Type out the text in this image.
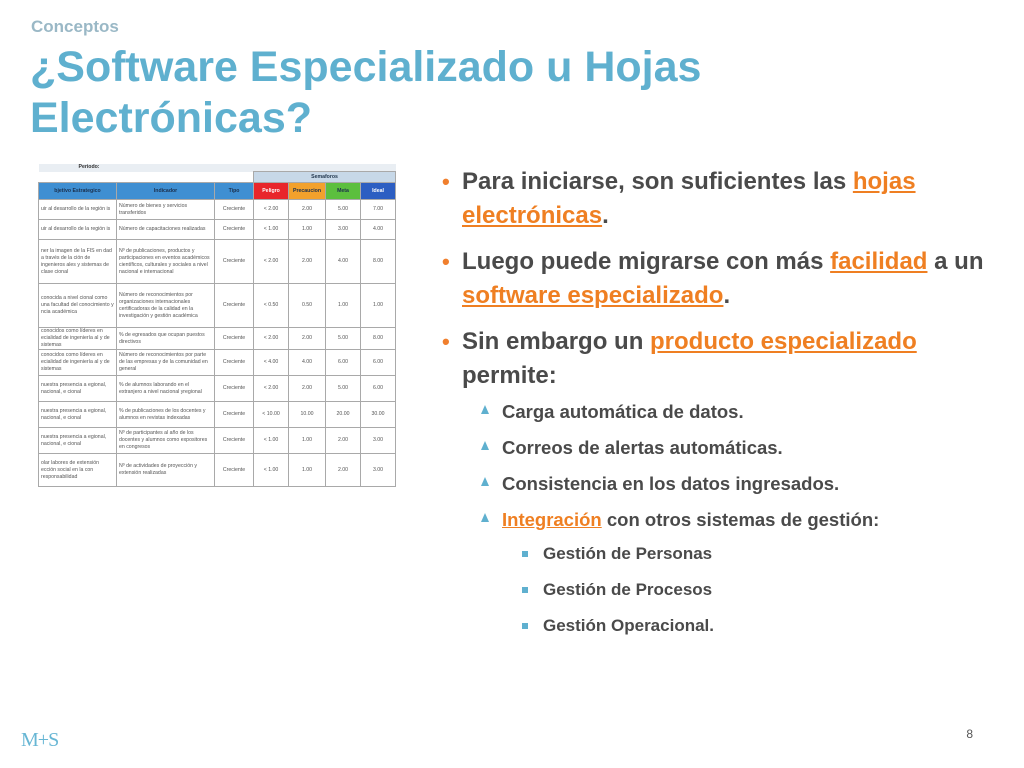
Conceptos
¿Software Especializado u Hojas Electrónicas?
Periodo:						
			Semaforos			
bjetivo Estrategico	Indicador	Tipo	Peligro	Precaucion	Meta	Ideal
uir al desarrollo de la región is	Número de bienes y servicios transferidos	Creciente	< 2.00	2.00	5.00	7.00
uir al desarrollo de la región is	Número de capacitaciones realizadas	Creciente	< 1.00	1.00	3.00	4.00
ner la imagen de la FIS en dad a través de la ción de ingenieros ales y sistemas de clase cional	Nº de publicaciones, productos y participaciones en eventos académicos científicos, culturales y sociales a nivel nacional e internacional	Creciente	< 2.00	2.00	4.00	8.00
conocida a nivel cional como una facultad del conocimiento y ncia académica	Número de reconocimientos por organizaciones internacionales certificadoras de la calidad en la investigación y gestión académica	Creciente	< 0.50	0.50	1.00	1.00
conocidos como líderes en ecialidad de ingeniería al y de sistemas	% de egresados que ocupan puestos directivos	Creciente	< 2.00	2.00	5.00	8.00
conocidos como líderes en ecialidad de ingeniería al y de sistemas	Número de reconocimientos por parte de las empresas y de la comunidad en general	Creciente	< 4.00	4.00	6.00	6.00
nuestra presencia a egional, nacional, e cional	% de alumnos laborando en el extranjero a nivel nacional yregional	Creciente	< 2.00	2.00	5.00	6.00
nuestra presencia a egional, nacional, e cional	% de publicaciones de los docentes y alumnos en revistas indexadas	Creciente	< 10.00	10.00	20.00	30.00
nuestra presencia a egional, nacional, e cional	Nº de participantes al año de los docentes y alumnos como expositores en congresos	Creciente	< 1.00	1.00	2.00	3.00
olar labores de extensión ección social en la con responsabilidad	Nº de actividades de proyección y extensión realizadas	Creciente	< 1.00	1.00	2.00	3.00
• Para iniciarse, son suficientes las hojas electrónicas.
• Luego puede migrarse con más facilidad a un software especializado.
• Sin embargo un producto especializado permite:
Carga automática de datos.
Correos de alertas automáticas.
Consistencia en los datos ingresados.
Integración con otros sistemas de gestión:
Gestión de Personas
Gestión de Procesos
Gestión Operacional.
M+S	8
